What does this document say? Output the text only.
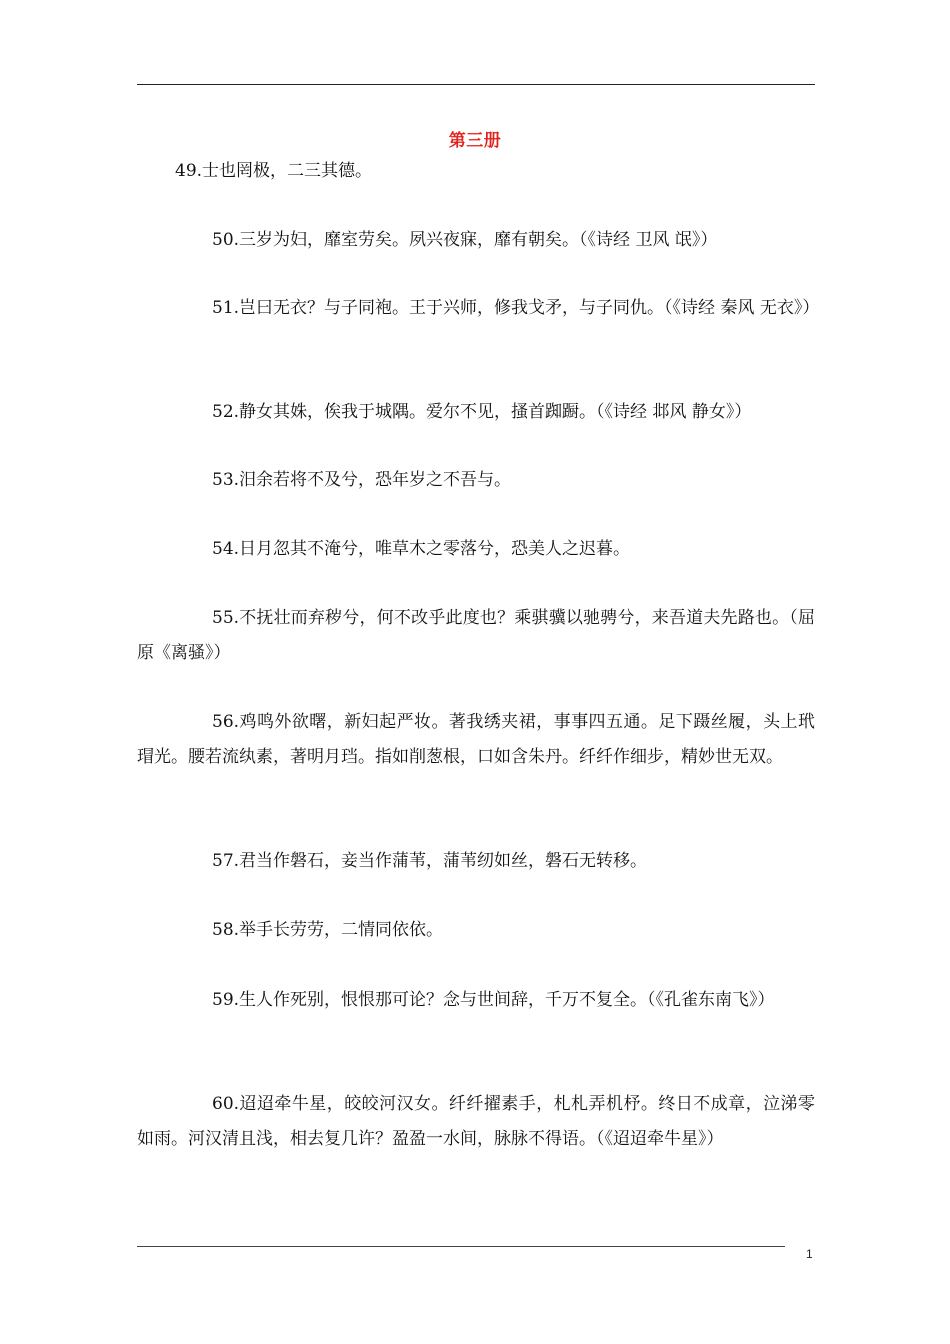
第三册

49.士也罔极，二三其德。

50.三岁为妇，靡室劳矣。夙兴夜寐，靡有朝矣。（《诗经 卫风 氓》）

51.岂曰无衣？与子同袍。王于兴师，修我戈矛，与子同仇。（《诗经 秦风 无衣》）

52.静女其姝，俟我于城隅。爱尔不见，搔首踟蹰。（《诗经 邶风 静女》）

53.汨余若将不及兮，恐年岁之不吾与。

54.日月忽其不淹兮，唯草木之零落兮，恐美人之迟暮。

55.不抚壮而弃秽兮，何不改乎此度也？乘骐骥以驰骋兮，来吾道夫先路也。（屈原《离骚》）

56.鸡鸣外欲曙，新妇起严妆。著我绣夹裙，事事四五通。足下蹑丝履，头上玳瑁光。腰若流纨素，著明月珰。指如削葱根，口如含朱丹。纤纤作细步，精妙世无双。

57.君当作磐石，妾当作蒲苇，蒲苇纫如丝，磐石无转移。

58.举手长劳劳，二情同依依。

59.生人作死别，恨恨那可论？念与世间辞，千万不复全。（《孔雀东南飞》）

60.迢迢牵牛星，皎皎河汉女。纤纤擢素手，札札弄机杼。终日不成章，泣涕零如雨。河汉清且浅，相去复几许？盈盈一水间，脉脉不得语。（《迢迢牵牛星》）

1
